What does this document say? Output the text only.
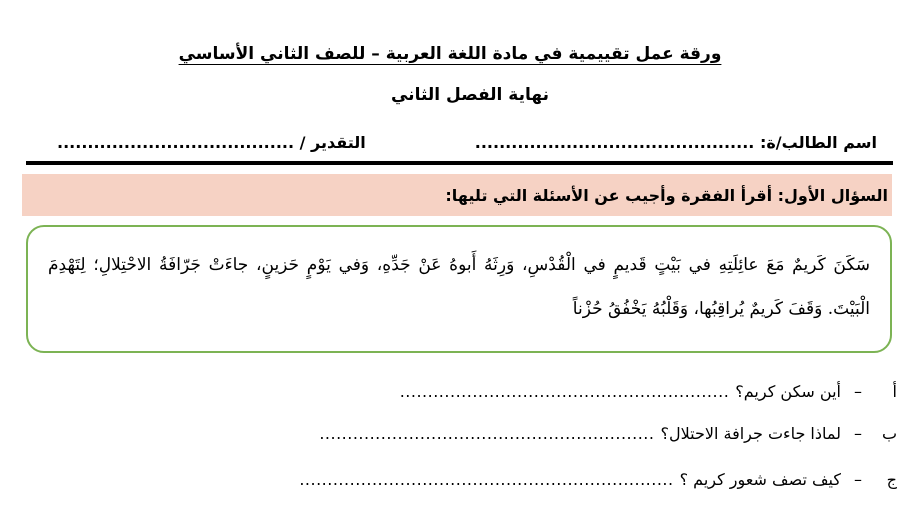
ورقة عمل تقييمية في مادة اللغة العربية – للصف الثاني الأساسي
نهاية الفصل الثاني
اسم الطالب/ة: ..............................................
التقدير / .......................................
السؤال الأول: أقرأ الفقرة وأجيب عن الأسئلة التي تليها:
سَكَنَ كَريمٌ مَعَ عائِلَتِهِ في بَيْتٍ قَديمٍ في الْقُدْسِ، وَرِثَهُ أَبوهُ عَنْ جَدِّهِ، وَفي يَوْمٍ حَزينٍ، جاءَتْ جَرّافَةُ الاحْتِلالِ؛ لِتَهْدِمَ الْبَيْتَ. وَقَفَ كَريمٌ يُراقِبُها، وَقَلْبُهُ يَخْفُقُ حُزْناً
أ
–
أين سكن كريم؟
...........................................................
ب
–
لماذا جاءت جرافة الاحتلال؟
............................................................
ج
–
كيف تصف شعور كريم ؟
...................................................................
